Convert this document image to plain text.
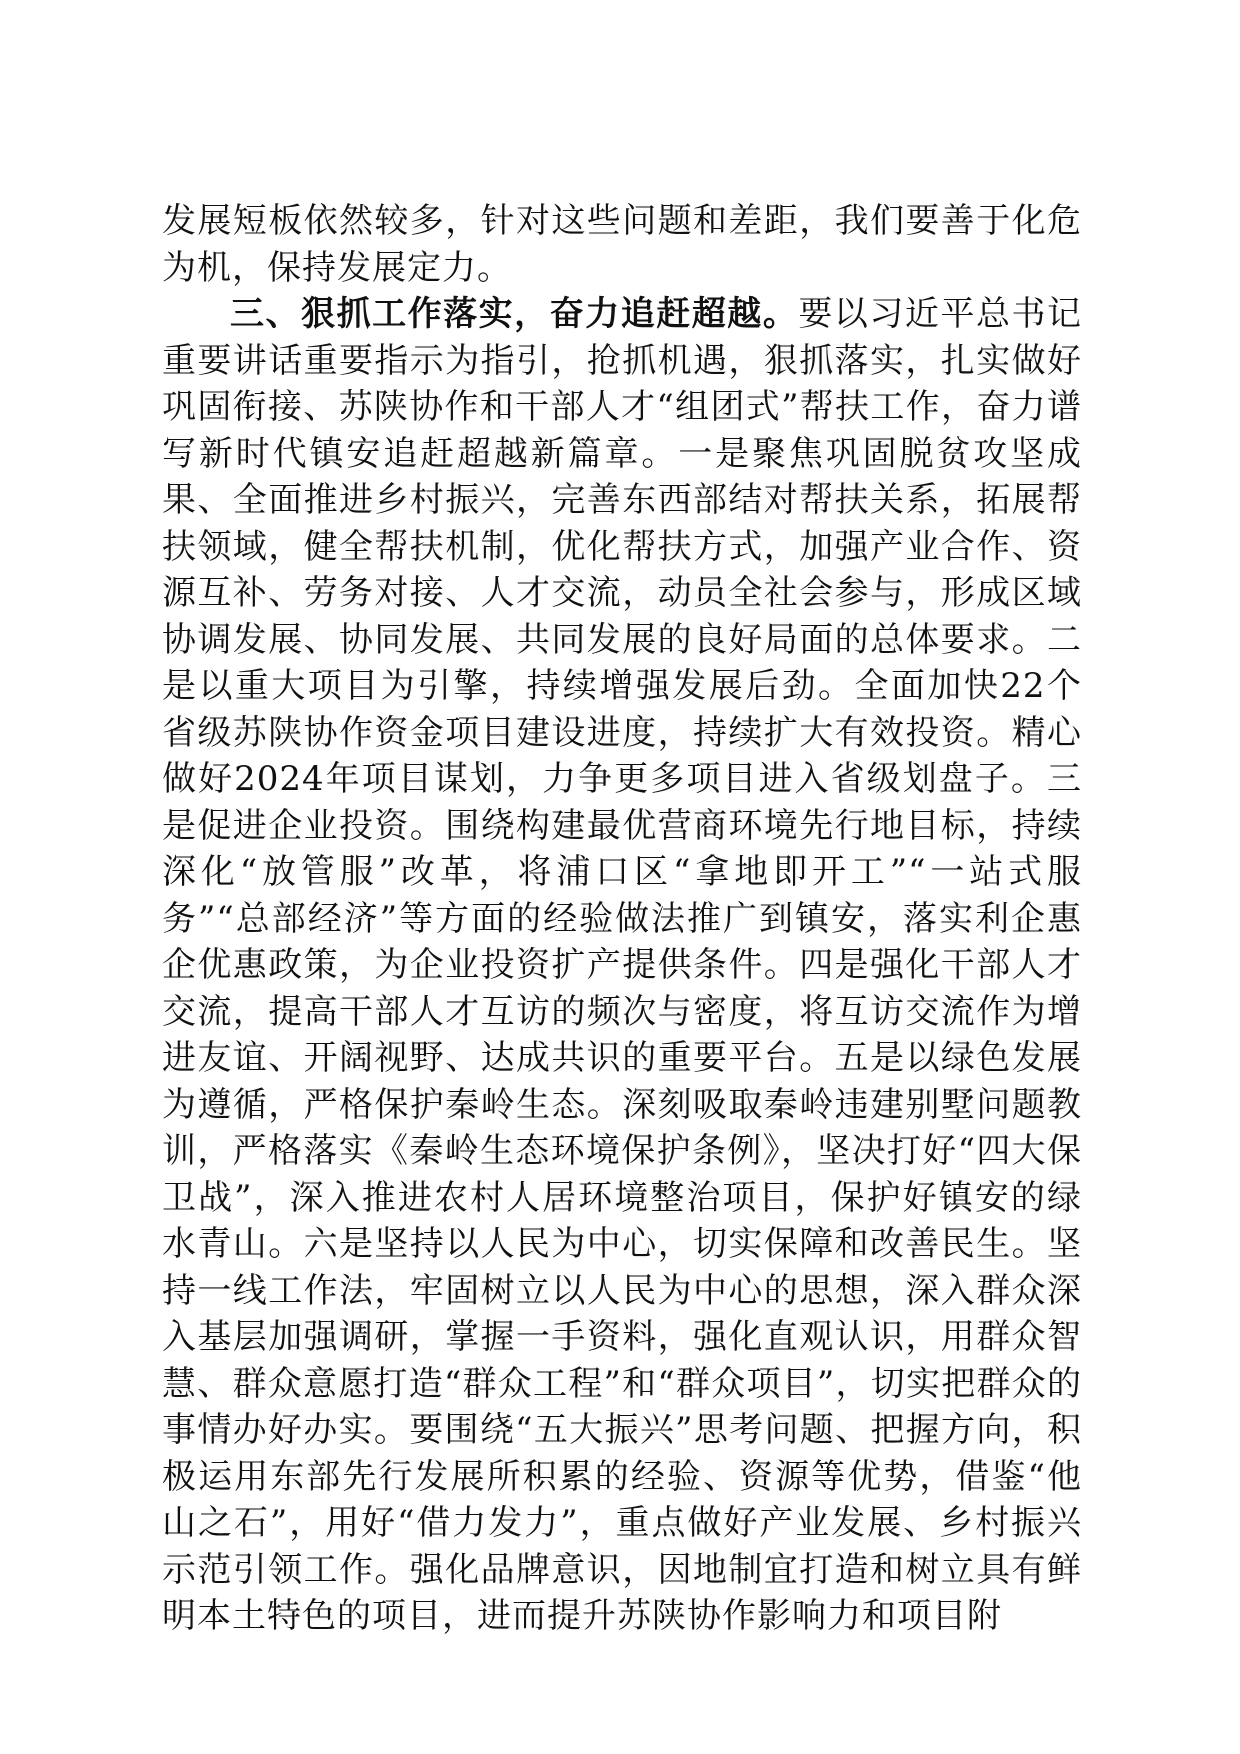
发展短板依然较多，针对这些问题和差距，我们要善于化危为机，保持发展定力。

三、狠抓工作落实，奋力追赶超越。要以习近平总书记重要讲话重要指示为指引，抢抓机遇，狠抓落实，扎实做好巩固衔接、苏陕协作和干部人才“组团式”帮扶工作，奋力谱写新时代镇安追赶超越新篇章。一是聚焦巩固脱贫攻坚成果、全面推进乡村振兴，完善东西部结对帮扶关系，拓展帮扶领域，健全帮扶机制，优化帮扶方式，加强产业合作、资源互补、劳务对接、人才交流，动员全社会参与，形成区域协调发展、协同发展、共同发展的良好局面的总体要求。二是以重大项目为引擎，持续增强发展后劲。全面加快22个省级苏陕协作资金项目建设进度，持续扩大有效投资。精心做好2024年项目谋划，力争更多项目进入省级划盘子。三是促进企业投资。围绕构建最优营商环境先行地目标，持续深化“放管服”改革，将浦口区“拿地即开工”“一站式服务”“总部经济”等方面的经验做法推广到镇安，落实利企惠企优惠政策，为企业投资扩产提供条件。四是强化干部人才交流，提高干部人才互访的频次与密度，将互访交流作为增进友谊、开阔视野、达成共识的重要平台。五是以绿色发展为遵循，严格保护秦岭生态。深刻吸取秦岭违建别墅问题教训，严格落实《秦岭生态环境保护条例》，坚决打好“四大保卫战”，深入推进农村人居环境整治项目，保护好镇安的绿水青山。六是坚持以人民为中心，切实保障和改善民生。坚持一线工作法，牢固树立以人民为中心的思想，深入群众深入基层加强调研，掌握一手资料，强化直观认识，用群众智慧、群众意愿打造“群众工程”和“群众项目”，切实把群众的事情办好办实。要围绕“五大振兴”思考问题、把握方向，积极运用东部先行发展所积累的经验、资源等优势，借鉴“他山之石”，用好“借力发力”，重点做好产业发展、乡村振兴示范引领工作。强化品牌意识，因地制宜打造和树立具有鲜明本土特色的项目，进而提升苏陕协作影响力和项目附
